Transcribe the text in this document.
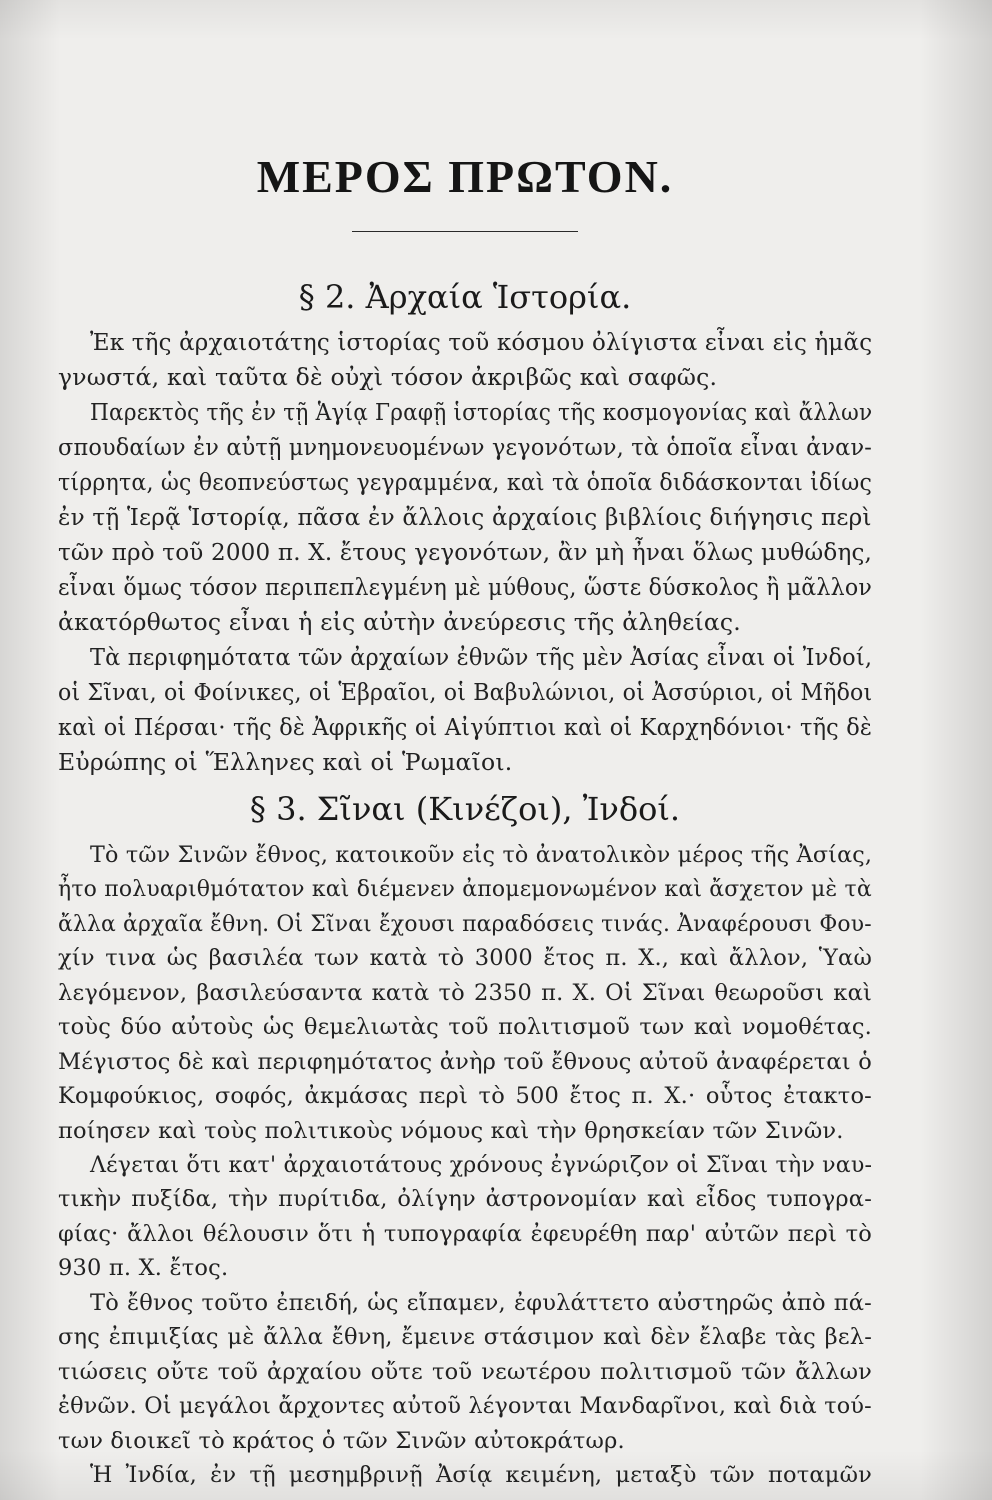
ΜΕΡΟΣ ΠΡΩΤΟΝ.
§ 2. Ἀρχαία Ἱστορία.
Ἐκ τῆς ἀρχαιοτάτης ἱστορίας τοῦ κόσμου ὀλίγιστα εἶναι εἰς ἡμᾶς
γνωστά, καὶ ταῦτα δὲ οὐχὶ τόσον ἀκριβῶς καὶ σαφῶς.
Παρεκτὸς τῆς ἐν τῇ Ἁγίᾳ Γραφῇ ἱστορίας τῆς κοσμογονίας καὶ ἄλλων
σπουδαίων ἐν αὐτῇ μνημονευομένων γεγονότων, τὰ ὁποῖα εἶναι ἀναν-
τίρρητα, ὡς θεοπνεύστως γεγραμμένα, καὶ τὰ ὁποῖα διδάσκονται ἰδίως
ἐν τῇ Ἱερᾷ Ἱστορίᾳ, πᾶσα ἐν ἄλλοις ἀρχαίοις βιβλίοις διήγησις περὶ
τῶν πρὸ τοῦ 2000 π. Χ. ἔτους γεγονότων, ἂν μὴ ἦναι ὅλως μυθώδης,
εἶναι ὅμως τόσον περιπεπλεγμένη μὲ μύθους, ὥστε δύσκολος ἢ μᾶλλον
ἀκατόρθωτος εἶναι ἡ εἰς αὐτὴν ἀνεύρεσις τῆς ἀληθείας.
Τὰ περιφημότατα τῶν ἀρχαίων ἐθνῶν τῆς μὲν Ἀσίας εἶναι οἱ Ἰνδοί,
οἱ Σῖναι, οἱ Φοίνικες, οἱ Ἑβραῖοι, οἱ Βαβυλώνιοι, οἱ Ἀσσύριοι, οἱ Μῆδοι
καὶ οἱ Πέρσαι· τῆς δὲ Ἀφρικῆς οἱ Αἰγύπτιοι καὶ οἱ Καρχηδόνιοι· τῆς δὲ
Εὐρώπης οἱ Ἕλληνες καὶ οἱ Ῥωμαῖοι.
§ 3. Σῖναι (Κινέζοι), Ἰνδοί.
Τὸ τῶν Σινῶν ἔθνος, κατοικοῦν εἰς τὸ ἀνατολικὸν μέρος τῆς Ἀσίας,
ἦτο πολυαριθμότατον καὶ διέμενεν ἀπομεμονωμένον καὶ ἄσχετον μὲ τὰ
ἄλλα ἀρχαῖα ἔθνη. Οἱ Σῖναι ἔχουσι παραδόσεις τινάς. Ἀναφέρουσι Φου-
χίν τινα ὡς βασιλέα των κατὰ τὸ 3000 ἔτος π. Χ., καὶ ἄλλον, Ὑαὼ
λεγόμενον, βασιλεύσαντα κατὰ τὸ 2350 π. Χ. Οἱ Σῖναι θεωροῦσι καὶ
τοὺς δύο αὐτοὺς ὡς θεμελιωτὰς τοῦ πολιτισμοῦ των καὶ νομοθέτας.
Μέγιστος δὲ καὶ περιφημότατος ἀνὴρ τοῦ ἔθνους αὐτοῦ ἀναφέρεται ὁ
Κομφούκιος, σοφός, ἀκμάσας περὶ τὸ 500 ἔτος π. Χ.· οὗτος ἐτακτο-
ποίησεν καὶ τοὺς πολιτικοὺς νόμους καὶ τὴν θρησκείαν τῶν Σινῶν.
Λέγεται ὅτι κατ' ἀρχαιοτάτους χρόνους ἐγνώριζον οἱ Σῖναι τὴν ναυ-
τικὴν πυξίδα, τὴν πυρίτιδα, ὀλίγην ἀστρονομίαν καὶ εἶδος τυπογρα-
φίας· ἄλλοι θέλουσιν ὅτι ἡ τυπογραφία ἐφευρέθη παρ' αὐτῶν περὶ τὸ
930 π. Χ. ἔτος.
Τὸ ἔθνος τοῦτο ἐπειδή, ὡς εἴπαμεν, ἐφυλάττετο αὐστηρῶς ἀπὸ πά-
σης ἐπιμιξίας μὲ ἄλλα ἔθνη, ἔμεινε στάσιμον καὶ δὲν ἔλαβε τὰς βελ-
τιώσεις οὔτε τοῦ ἀρχαίου οὔτε τοῦ νεωτέρου πολιτισμοῦ τῶν ἄλλων
ἐθνῶν. Οἱ μεγάλοι ἄρχοντες αὐτοῦ λέγονται Μανδαρῖνοι, καὶ διὰ τού-
των διοικεῖ τὸ κράτος ὁ τῶν Σινῶν αὐτοκράτωρ.
Ἡ Ἰνδία, ἐν τῇ μεσημβρινῇ Ἀσίᾳ κειμένη, μεταξὺ τῶν ποταμῶν
